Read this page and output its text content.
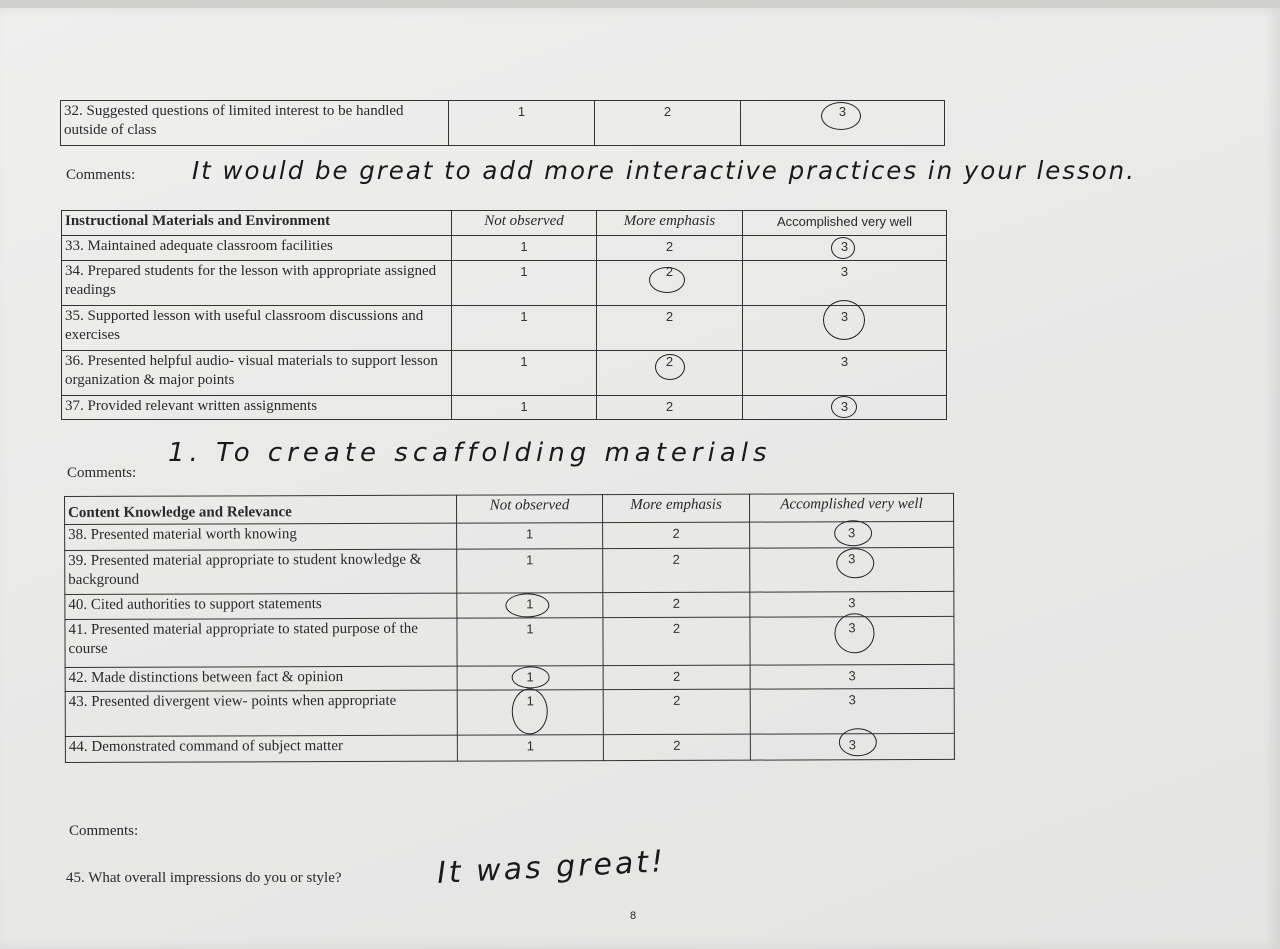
32. Suggested questions of limited interest to be handled outside of class	1	2	3
Comments: It would be great to add more interactive practices in your lesson.
Instructional Materials and Environment	Not observed	More emphasis	Accomplished very well
33. Maintained adequate classroom facilities	1	2	3

34. Prepared students for the lesson with appropriate assigned readings	1	2	3
35. Supported lesson with useful classroom discussions and exercises	1	2	3

36. Presented helpful audio- visual materials to support lesson organization & major points	1	2	3
37. Provided relevant written assignments	1	2	3
Comments:
1. To create scaffolding materials
Content Knowledge and Relevance	Not observed	More emphasis	Accomplished very well
38. Presented material worth knowing	1	2	3

39. Presented material appropriate to student knowledge & background	1	2	3

40. Cited authorities to support statements	1	2	3
41. Presented material appropriate to stated purpose of the course	1	2	3

42. Made distinctions between fact & opinion	1	2	3
43. Presented divergent view- points when appropriate	1	2	3
44. Demonstrated command of subject matter	1	2	3
Comments:
45. What overall impressions do you or style?	It was great!
8
